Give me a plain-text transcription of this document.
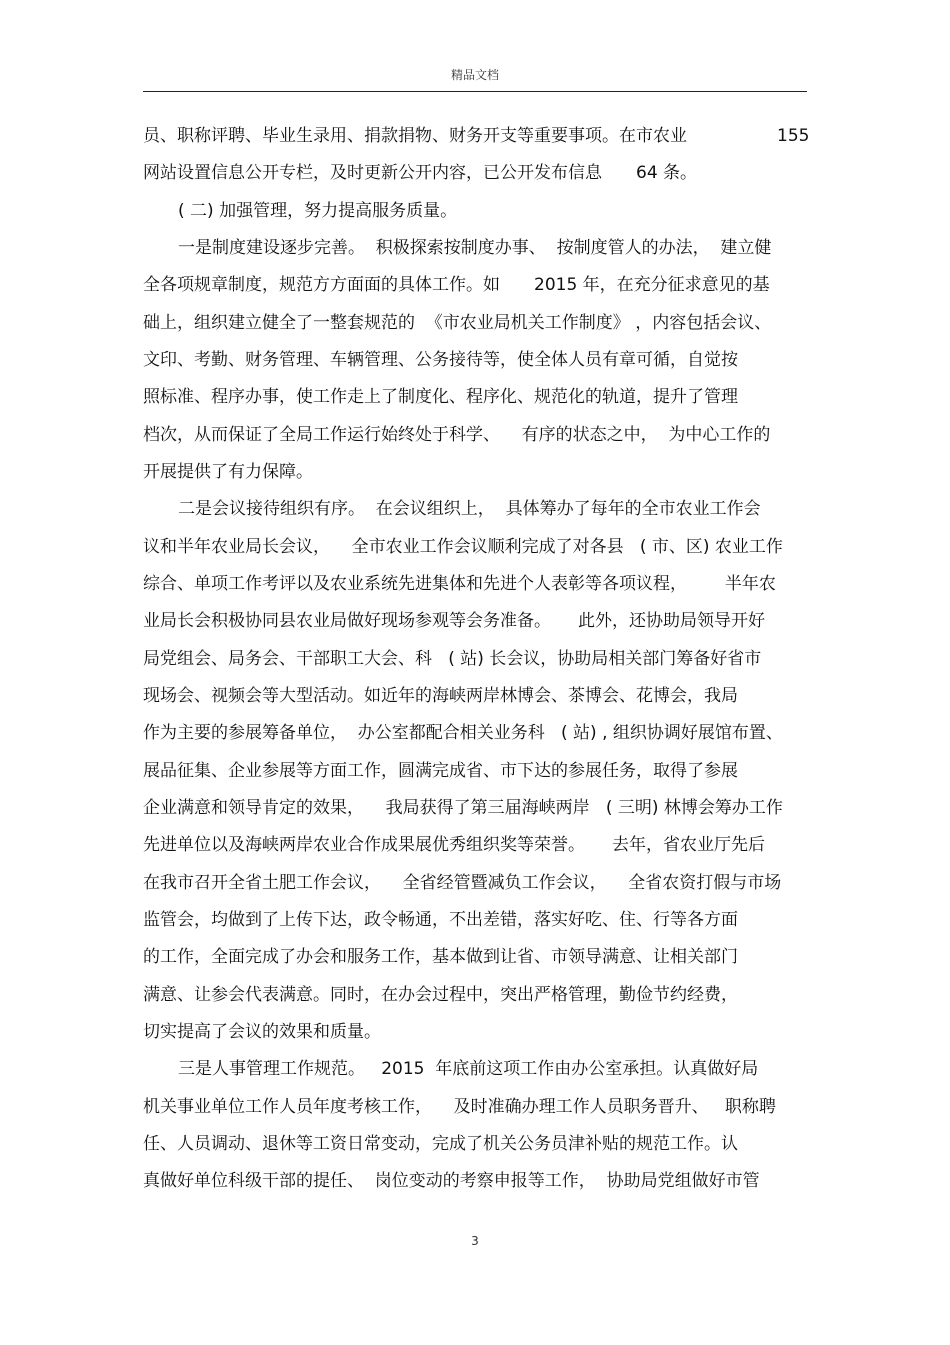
精品文档
155
员、职称评聘、毕业生录用、捐款捐物、财务开支等重要事项。在市农业
网站设置信息公开专栏，及时更新公开内容，已公开发布信息　　64 条。
( 二) 加强管理，努力提高服务质量。
一是制度建设逐步完善。  积极探索按制度办事、  按制度管人的办法，  建立健
全各项规章制度，规范方方面面的具体工作。如　　2015 年，在充分征求意见的基
础上，组织建立健全了一整套规范的  《市农业局机关工作制度》 ，内容包括会议、
文印、考勤、财务管理、车辆管理、公务接待等，使全体人员有章可循，自觉按
照标准、程序办事，使工作走上了制度化、程序化、规范化的轨道，提升了管理
档次，从而保证了全局工作运行始终处于科学、    有序的状态之中，  为中心工作的
开展提供了有力保障。
二是会议接待组织有序。  在会议组织上，  具体筹办了每年的全市农业工作会
议和半年农业局长会议，    全市农业工作会议顺利完成了对各县   ( 市、区) 农业工作
综合、单项工作考评以及农业系统先进集体和先进个人表彰等各项议程，       半年农
业局长会积极协同县农业局做好现场参观等会务准备。     此外，还协助局领导开好
局党组会、局务会、干部职工大会、科   ( 站) 长会议，协助局相关部门筹备好省市
现场会、视频会等大型活动。如近年的海峡两岸林博会、茶博会、花博会，我局
作为主要的参展筹备单位，  办公室都配合相关业务科   ( 站) , 组织协调好展馆布置、
展品征集、企业参展等方面工作，圆满完成省、市下达的参展任务，取得了参展
企业满意和领导肯定的效果，    我局获得了第三届海峡两岸   ( 三明) 林博会筹办工作
先进单位以及海峡两岸农业合作成果展优秀组织奖等荣誉。     去年，省农业厅先后
在我市召开全省土肥工作会议，    全省经管暨减负工作会议，    全省农资打假与市场
监管会，均做到了上传下达，政令畅通，不出差错，落实好吃、住、行等各方面
的工作，全面完成了办会和服务工作，基本做到让省、市领导满意、让相关部门
满意、让参会代表满意。同时，在办会过程中，突出严格管理，勤俭节约经费，
切实提高了会议的效果和质量。
三是人事管理工作规范。   2015  年底前这项工作由办公室承担。认真做好局
机关事业单位工作人员年度考核工作，    及时准确办理工作人员职务晋升、   职称聘
任、人员调动、退休等工资日常变动，完成了机关公务员津补贴的规范工作。认
真做好单位科级干部的提任、  岗位变动的考察申报等工作，  协助局党组做好市管
3
